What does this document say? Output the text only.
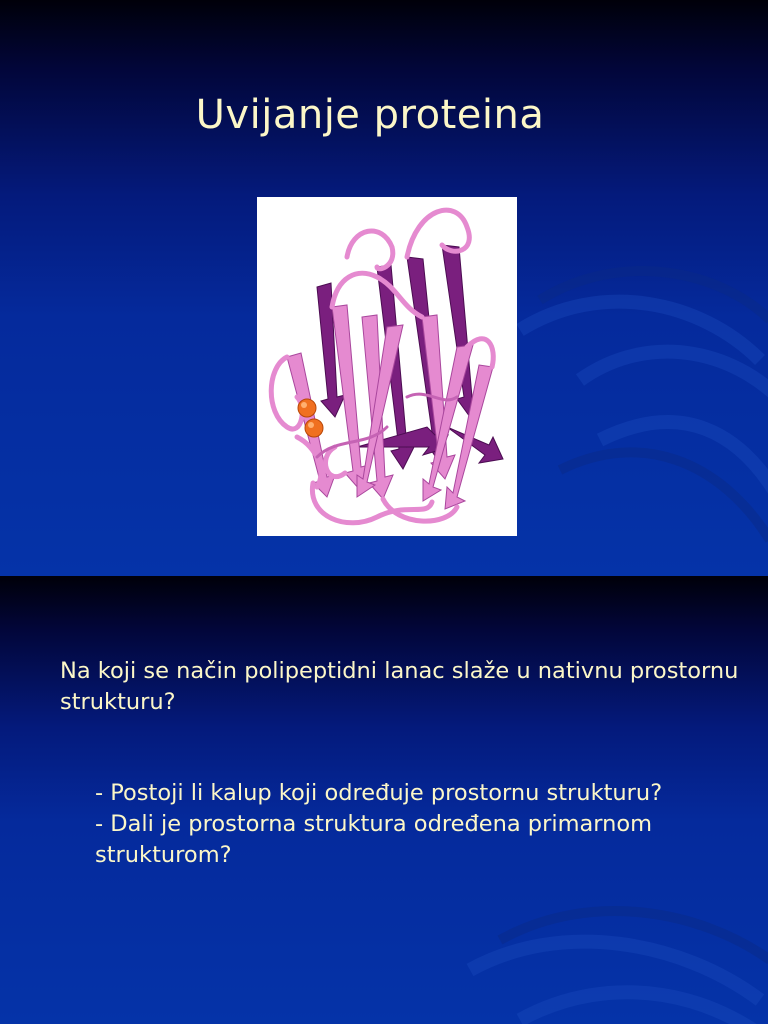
Uvijanje proteina

Na koji se način polipeptidni lanac slaže u nativnu prostornu strukturu?

- Postoji li kalup koji određuje prostornu strukturu?
- Dali je prostorna struktura određena primarnom strukturom?
